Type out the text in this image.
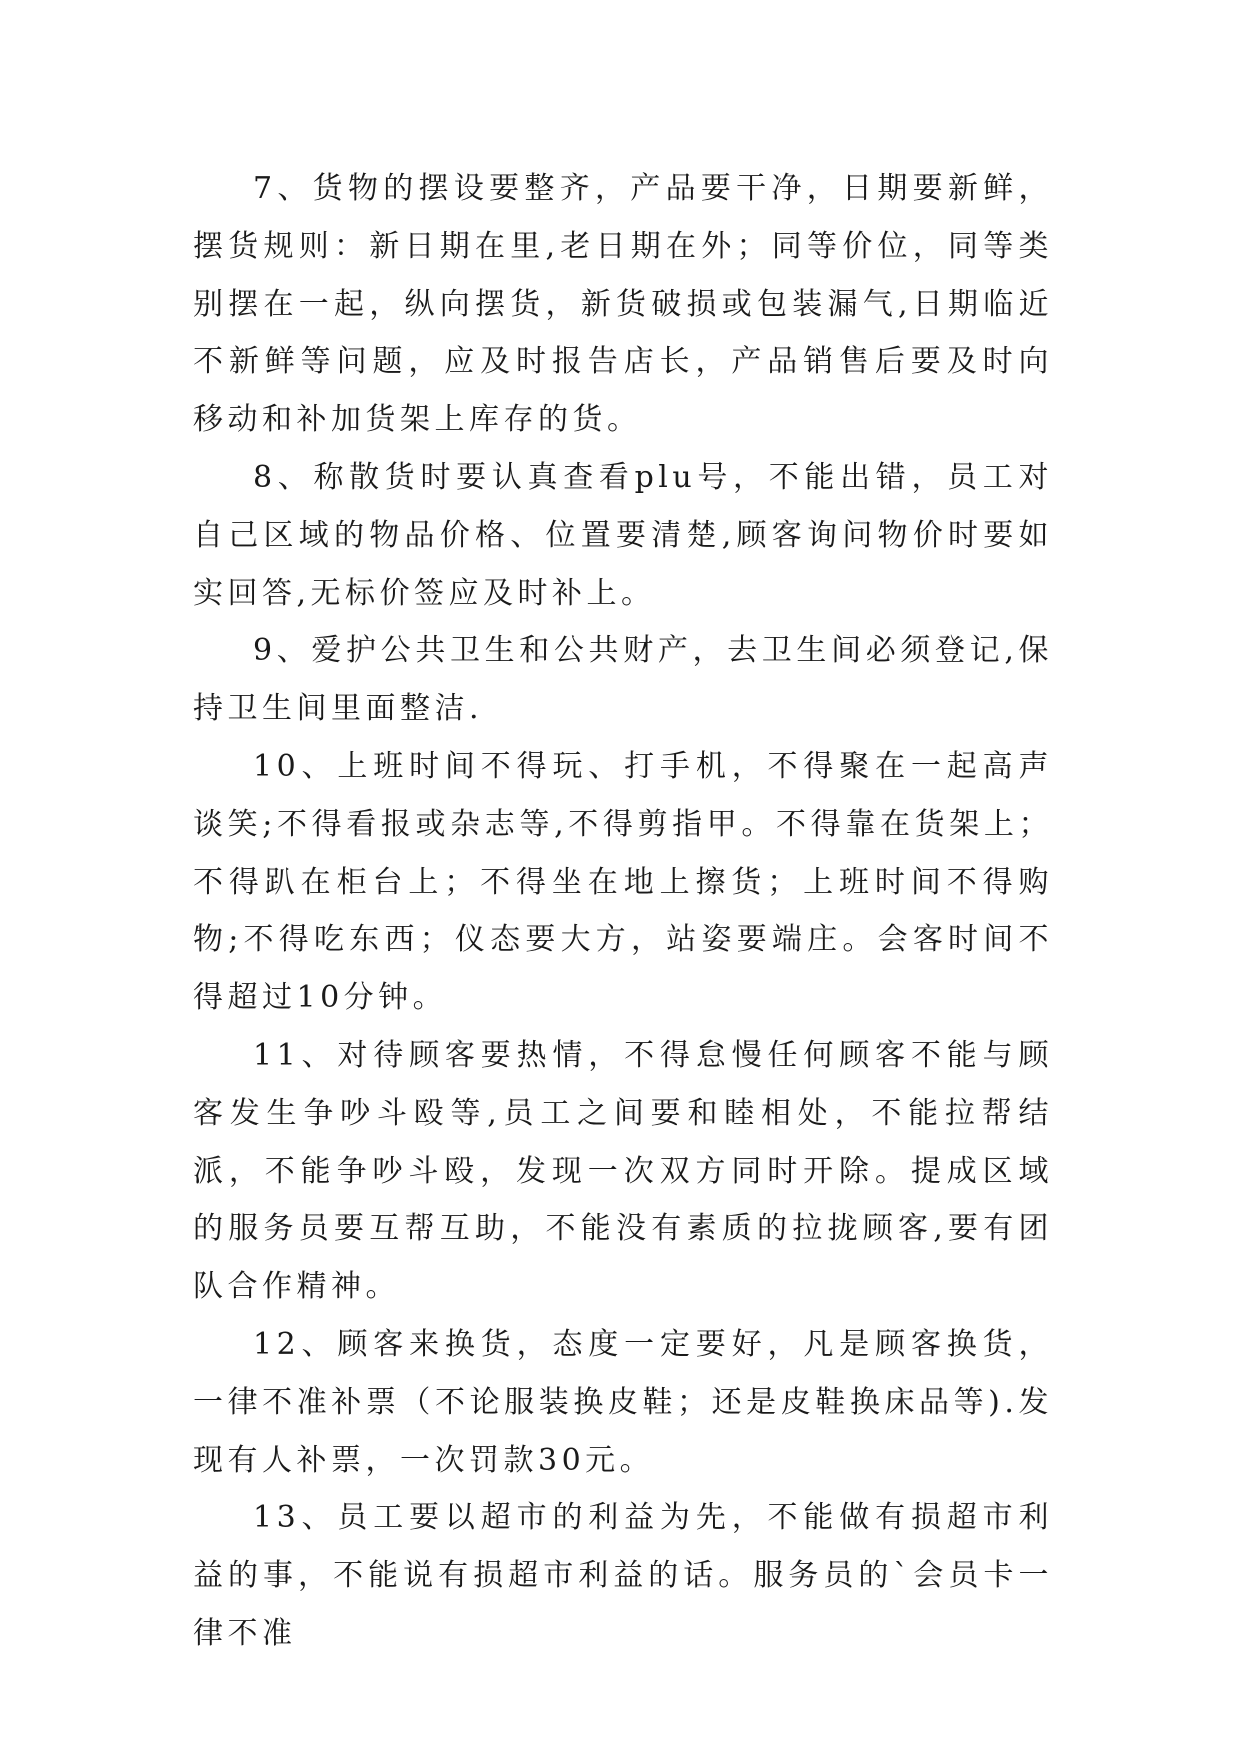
7、货物的摆设要整齐，产品要干净，日期要新鲜，摆货规则：新日期在里,老日期在外；同等价位，同等类别摆在一起，纵向摆货，新货破损或包装漏气,日期临近不新鲜等问题，应及时报告店长，产品销售后要及时向移动和补加货架上库存的货。

8、称散货时要认真查看plu号，不能出错，员工对自己区域的物品价格、位置要清楚,顾客询问物价时要如实回答,无标价签应及时补上。

9、爱护公共卫生和公共财产，去卫生间必须登记,保持卫生间里面整洁.

10、上班时间不得玩、打手机，不得聚在一起高声谈笑;不得看报或杂志等,不得剪指甲。不得靠在货架上；不得趴在柜台上；不得坐在地上擦货；上班时间不得购物;不得吃东西；仪态要大方，站姿要端庄。会客时间不得超过10分钟。

11、对待顾客要热情，不得怠慢任何顾客不能与顾客发生争吵斗殴等,员工之间要和睦相处，不能拉帮结派，不能争吵斗殴，发现一次双方同时开除。提成区域的服务员要互帮互助，不能没有素质的拉拢顾客,要有团队合作精神。

12、顾客来换货，态度一定要好，凡是顾客换货，一律不准补票（不论服装换皮鞋；还是皮鞋换床品等).发现有人补票，一次罚款30元。

13、员工要以超市的利益为先，不能做有损超市利益的事，不能说有损超市利益的话。服务员的`会员卡一律不准
